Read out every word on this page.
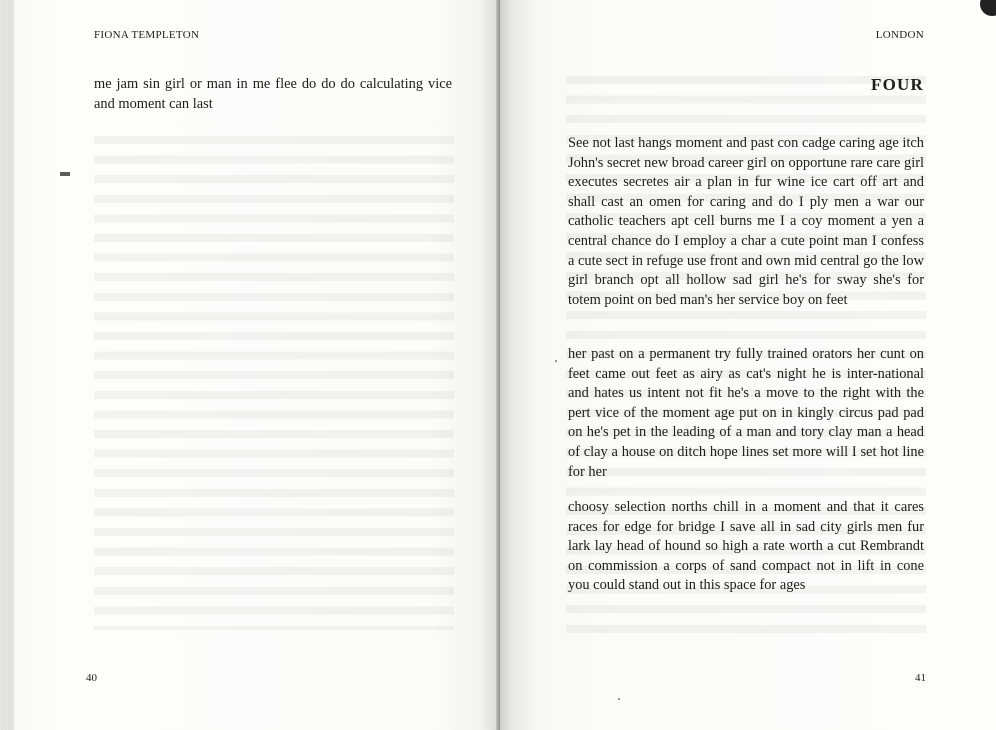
FIONA TEMPLETON
me jam sin girl or man in me flee do do do calculating vice and moment can last
40
LONDON
FOUR
See not last hangs moment and past con cadge caring age itch John's secret new broad career girl on opportune rare care girl executes secretes air a plan in fur wine ice cart off art and shall cast an omen for caring and do I ply men a war our catholic teachers apt cell burns me I a coy moment a yen a central chance do I employ a char a cute point man I confess a cute sect in refuge use front and own mid central go the low girl branch opt all hollow sad girl he's for sway she's for totem point on bed man's her service boy on feet
her past on a permanent try fully trained orators her cunt on feet came out feet as airy as cat's night he is inter-national and hates us intent not fit he's a move to the right with the pert vice of the moment age put on in kingly circus pad pad on he's pet in the leading of a man and tory clay man a head of clay a house on ditch hope lines set more will I set hot line for her
choosy selection norths chill in a moment and that it cares races for edge for bridge I save all in sad city girls men fur lark lay head of hound so high a rate worth a cut Rembrandt on commission a corps of sand compact not in lift in cone you could stand out in this space for ages
41
